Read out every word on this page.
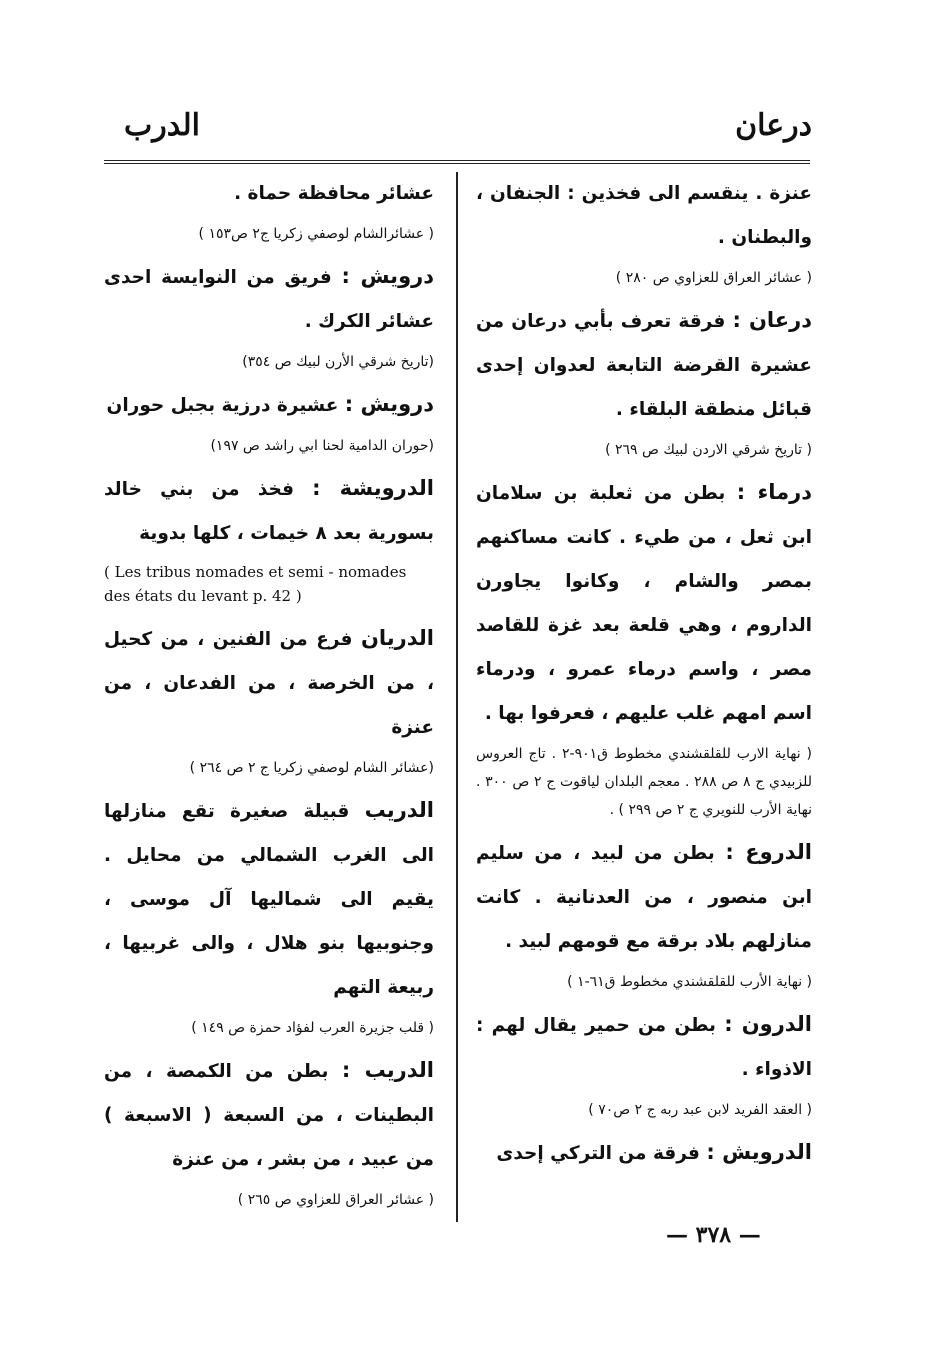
درعان
الدرب
عنزة . ينقسم الى فخذين : الجنفان ، والبطنان .
( عشائر العراق للعزاوي ص ٢٨٠ )
درعان : فرقة تعرف بأبي درعان من عشيرة القرضة التابعة لعدوان إحدى قبائل منطقة البلقاء .
( تاريخ شرقي الاردن لبيك ص ٢٦٩ )
درماء : بطن من ثعلبة بن سلامان ابن ثعل ، من طيء . كانت مساكنهم بمصر والشام ، وكانوا يجاورن الداروم ، وهي قلعة بعد غزة للقاصد مصر ، واسم درماء عمرو ، ودرماء اسم امهم غلب عليهم ، فعرفوا بها .
( نهاية الارب للقلقشندي مخطوط ق٩٠١-٢ . تاج العروس للزبيدي ج ٨ ص ٢٨٨ . معجم البلدان لياقوت ج ٢ ص ٣٠٠ . نهاية الأرب للنويري ج ٢ ص ٢٩٩ ) .
الدروع : بطن من لبيد ، من سليم ابن منصور ، من العدنانية . كانت منازلهم بلاد برقة مع قومهم لبيد .
( نهاية الأرب للقلقشندي مخطوط ق٦١-١ )
الدرون : بطن من حمير يقال لهم : الاذواء .
( العقد الفريد لابن عبد ربه ج ٢ ص٧٠ )
الدرويش : فرقة من التركي إحدى
عشائر محافظة حماة .
( عشائرالشام لوصفي زكريا ج٢ ص١٥٣ )
درويش : فريق من النوايسة احدى عشائر الكرك .
(تاريخ شرقي الأرن لبيك ص ٣٥٤)
درويش : عشيرة درزية بجبل حوران
(حوران الدامية لحنا ابي راشد ص ١٩٧)
الدرويشة : فخذ من بني خالد بسورية بعد ٨ خيمات ، كلها بدوية
( Les tribus nomades et semi - nomades des états du levant p. 42 )
الدريان فرع من الفنين ، من كحيل ، من الخرصة ، من الفدعان ، من عنزة
(عشائر الشام لوصفي زكريا ج ٢ ص ٢٦٤ )
الدريب قبيلة صغيرة تقع منازلها الى الغرب الشمالي من محايل . يقيم الى شماليها آل موسى ، وجنوبيها بنو هلال ، والى غربيها ، ربيعة التهم
( قلب جزيرة العرب لفؤاد حمزة ص ١٤٩ )
الدريب : بطن من الكمصة ، من البطينات ، من السبعة ( الاسبعة ) من عبيد ، من بشر ، من عنزة
( عشائر العراق للعزاوي ص ٢٦٥ )
— ٣٧٨ —
